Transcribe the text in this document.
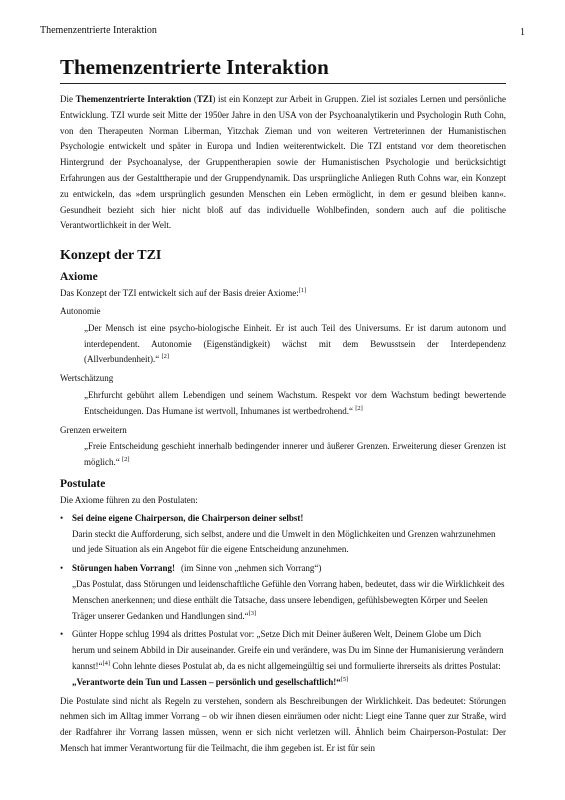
Themenzentrierte Interaktion	1
Themenzentrierte Interaktion

Die Themenzentrierte Interaktion (TZI) ist ein Konzept zur Arbeit in Gruppen. Ziel ist soziales Lernen und persönliche Entwicklung. TZI wurde seit Mitte der 1950er Jahre in den USA von der Psychoanalytikerin und Psychologin Ruth Cohn, von den Therapeuten Norman Liberman, Yitzchak Zieman und von weiteren Vertreterinnen der Humanistischen Psychologie entwickelt und später in Europa und Indien weiterentwickelt. Die TZI entstand vor dem theoretischen Hintergrund der Psychoanalyse, der Gruppentherapien sowie der Humanistischen Psychologie und berücksichtigt Erfahrungen aus der Gestalttherapie und der Gruppendynamik. Das ursprüngliche Anliegen Ruth Cohns war, ein Konzept zu entwickeln, das »dem ursprünglich gesunden Menschen ein Leben ermöglicht, in dem er gesund bleiben kann«. Gesundheit bezieht sich hier nicht bloß auf das individuelle Wohlbefinden, sondern auch auf die politische Verantwortlichkeit in der Welt.

Konzept der TZI
Axiome

Das Konzept der TZI entwickelt sich auf der Basis dreier Axiome:[1]

Autonomie

„Der Mensch ist eine psycho-biologische Einheit. Er ist auch Teil des Universums. Er ist darum autonom und interdependent. Autonomie (Eigenständigkeit) wächst mit dem Bewusstsein der Interdependenz (Allverbundenheit).“ [2]

Wertschätzung

„Ehrfurcht gebührt allem Lebendigen und seinem Wachstum. Respekt vor dem Wachstum bedingt bewertende Entscheidungen. Das Humane ist wertvoll, Inhumanes ist wertbedrohend.“ [2]

Grenzen erweitern

„Freie Entscheidung geschieht innerhalb bedingender innerer und äußerer Grenzen. Erweiterung dieser Grenzen ist möglich.“ [2]

Postulate

Die Axiome führen zu den Postulaten:

• Sei deine eigene Chairperson, die Chairperson deiner selbst!
Darin steckt die Aufforderung, sich selbst, andere und die Umwelt in den Möglichkeiten und Grenzen wahrzunehmen und jede Situation als ein Angebot für die eigene Entscheidung anzunehmen.
• Störungen haben Vorrang! (im Sinne von „nehmen sich Vorrang“)
„Das Postulat, dass Störungen und leidenschaftliche Gefühle den Vorrang haben, bedeutet, dass wir die Wirklichkeit des Menschen anerkennen; und diese enthält die Tatsache, dass unsere lebendigen, gefühlsbewegten Körper und Seelen Träger unserer Gedanken und Handlungen sind.“[3]
• Günter Hoppe schlug 1994 als drittes Postulat vor: „Setze Dich mit Deiner äußeren Welt, Deinem Globe um Dich herum und seinem Abbild in Dir auseinander. Greife ein und verändere, was Du im Sinne der Humanisierung verändern kannst!“[4] Cohn lehnte dieses Postulat ab, da es nicht allgemeingültig sei und formulierte ihrerseits als drittes Postulat: „Verantworte dein Tun und Lassen – persönlich und gesellschaftlich!“[5]

Die Postulate sind nicht als Regeln zu verstehen, sondern als Beschreibungen der Wirklichkeit. Das bedeutet: Störungen nehmen sich im Alltag immer Vorrang – ob wir ihnen diesen einräumen oder nicht: Liegt eine Tanne quer zur Straße, wird der Radfahrer ihr Vorrang lassen müssen, wenn er sich nicht verletzen will. Ähnlich beim Chairperson-Postulat: Der Mensch hat immer Verantwortung für die Teilmacht, die ihm gegeben ist. Er ist für sein
